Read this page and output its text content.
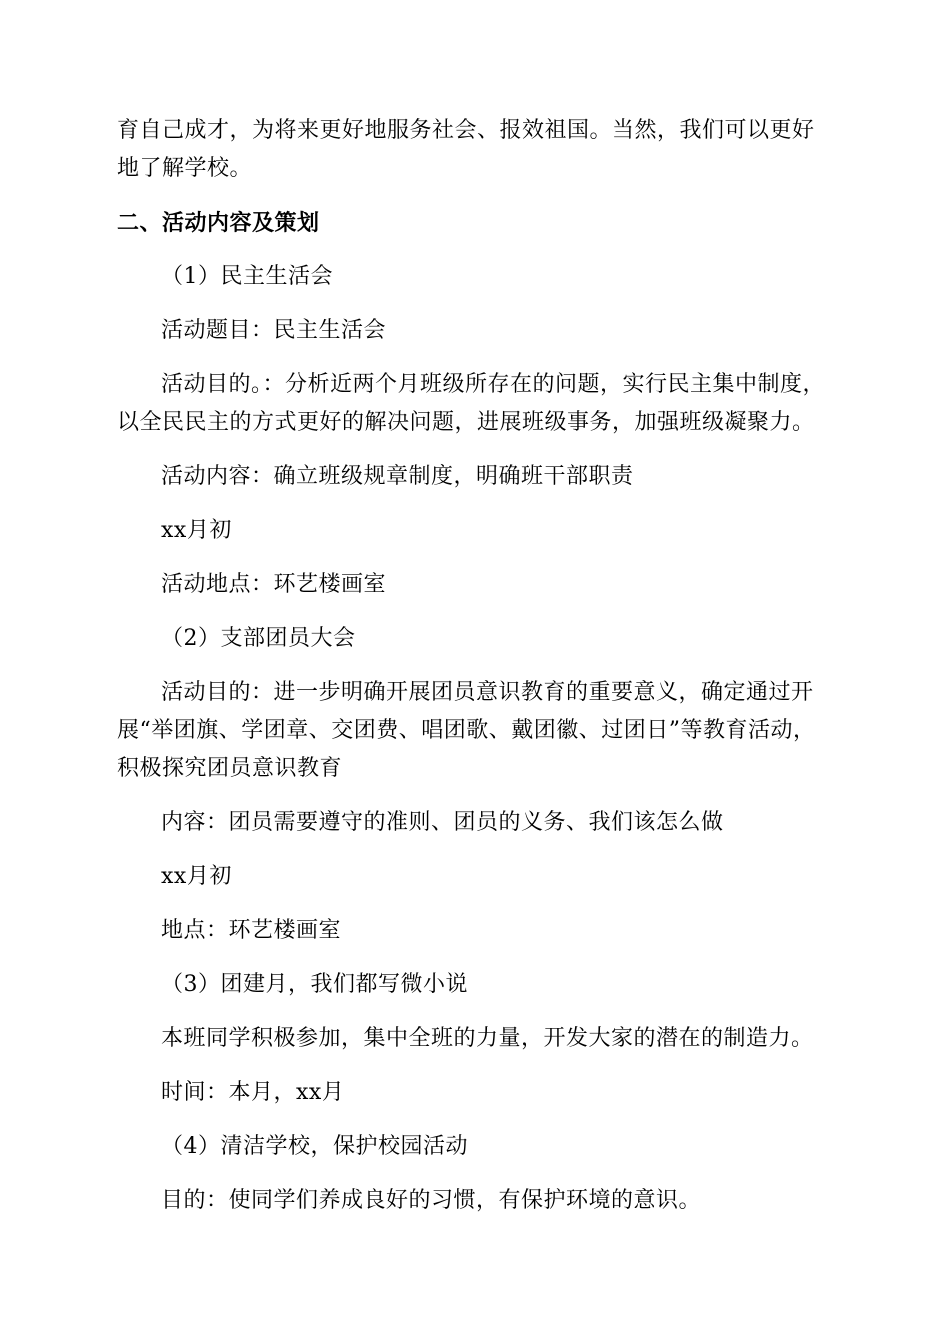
育自己成才，为将来更好地服务社会、报效祖国。当然，我们可以更好地了解学校。

二、活动内容及策划

（1）民主生活会

活动题目：民主生活会

活动目的。：分析近两个月班级所存在的问题，实行民主集中制度，以全民民主的方式更好的解决问题，进展班级事务，加强班级凝聚力。

活动内容：确立班级规章制度，明确班干部职责

xx月初

活动地点：环艺楼画室

（2）支部团员大会

活动目的：进一步明确开展团员意识教育的重要意义，确定通过开展“举团旗、学团章、交团费、唱团歌、戴团徽、过团日”等教育活动，积极探究团员意识教育

内容：团员需要遵守的准则、团员的义务、我们该怎么做

xx月初

地点：环艺楼画室

（3）团建月，我们都写微小说

本班同学积极参加，集中全班的力量，开发大家的潜在的制造力。

时间：本月，xx月

（4）清洁学校，保护校园活动

目的：使同学们养成良好的习惯，有保护环境的意识。
